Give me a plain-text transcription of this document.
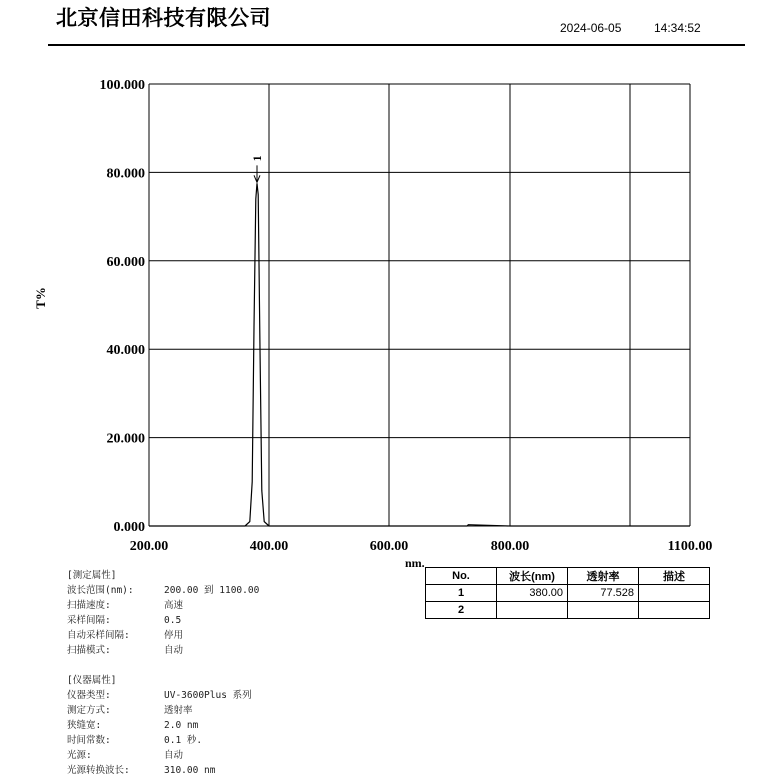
北京信田科技有限公司	2024-06-05	14:34:52
0.000
20.000
40.000
60.000
80.000
100.000
200.00	400.00	600.00	800.00	1100.00
1
T%
nm.
No.	波长(nm)	透射率	描述
1	380.00	77.528	
2			
[测定属性]
波长范围(nm):	200.00 到 1100.00
扫描速度:	高速
采样间隔:	0.5
自动采样间隔:	停用
扫描模式:	自动
[仪器属性]
仪器类型:	UV-3600Plus 系列
测定方式:	透射率
狭缝宽:	2.0 nm
时间常数:	0.1 秒.
光源:	自动
光源转换波长:	310.00 nm
